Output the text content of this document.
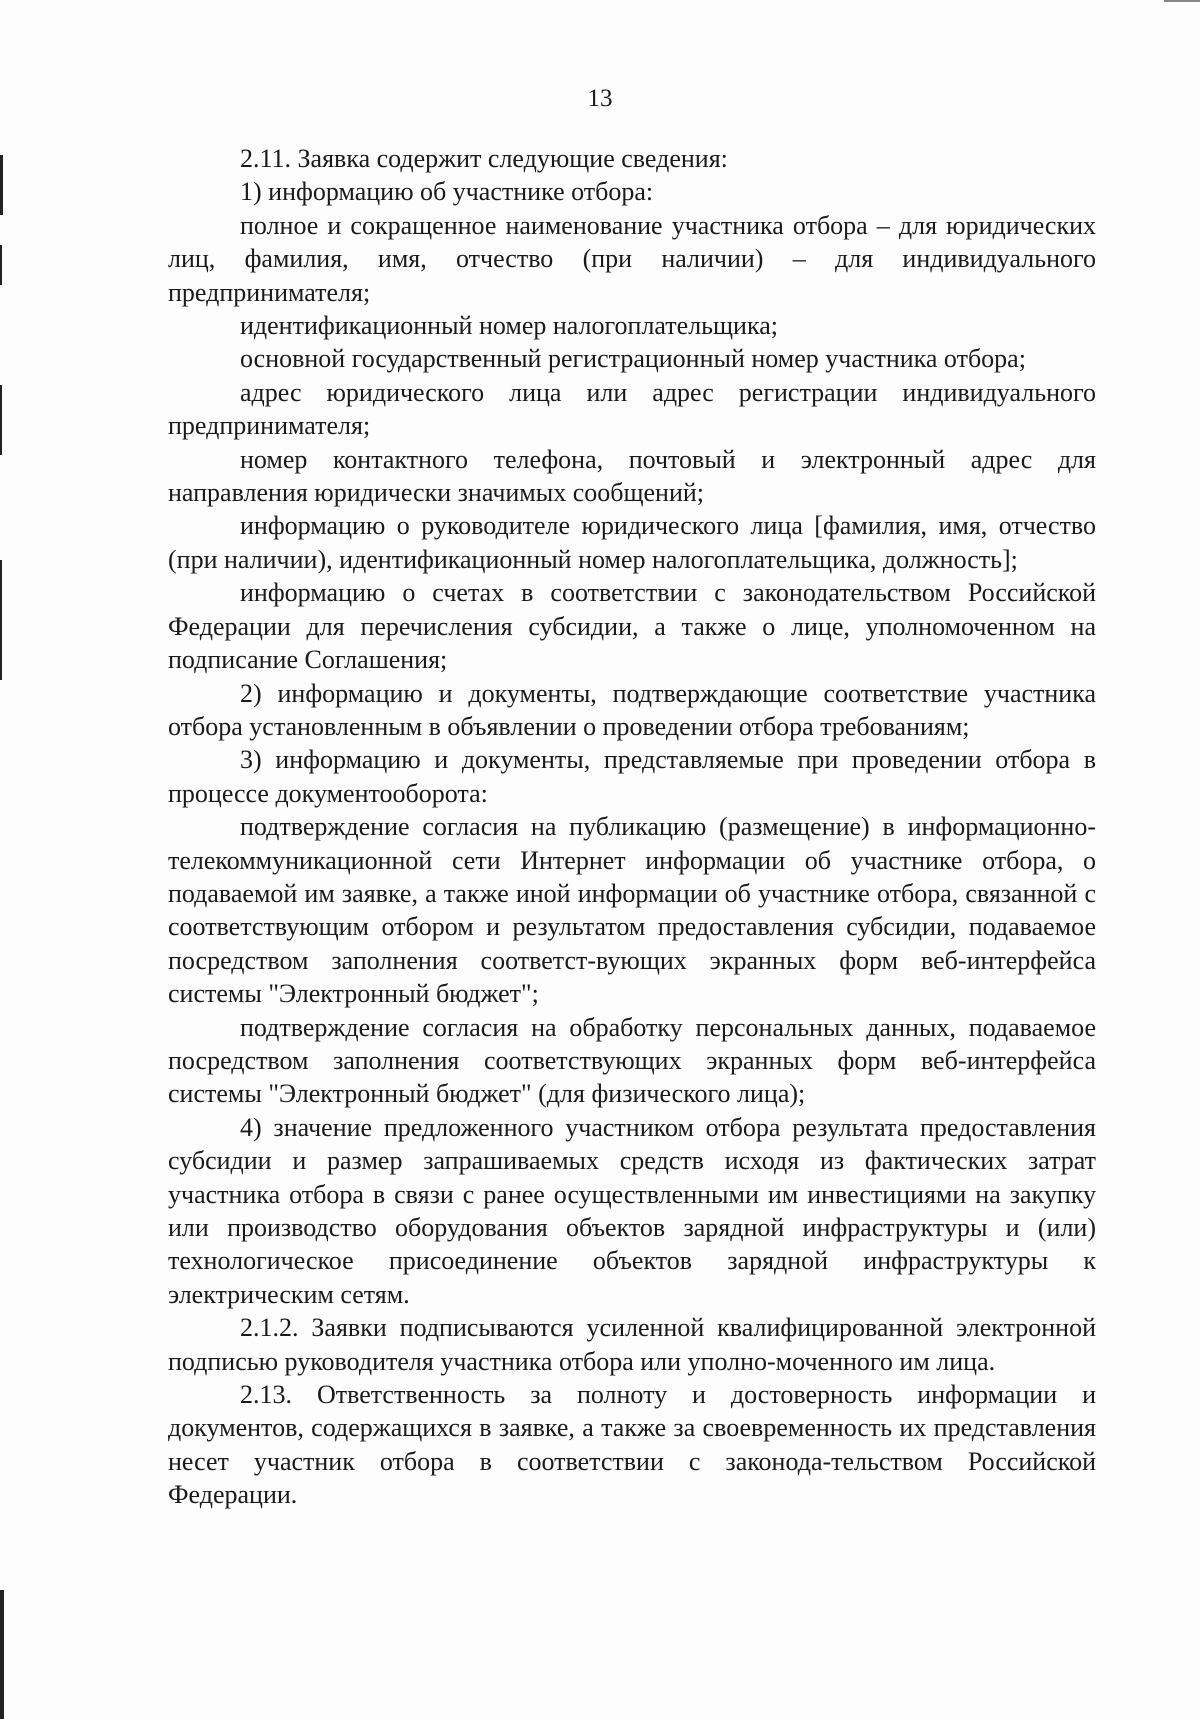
13

2.11. Заявка содержит следующие сведения:

1) информацию об участнике отбора:

полное и сокращенное наименование участника отбора – для юридических лиц, фамилия, имя, отчество (при наличии) – для индивидуального предпринимателя;

идентификационный номер налогоплательщика;

основной государственный регистрационный номер участника отбора;

адрес юридического лица или адрес регистрации индивидуального предпринимателя;

номер контактного телефона, почтовый и электронный адрес для направления юридически значимых сообщений;

информацию о руководителе юридического лица [фамилия, имя, отчество (при наличии), идентификационный номер налогоплательщика, должность];

информацию о счетах в соответствии с законодательством Российской Федерации для перечисления субсидии, а также о лице, уполномоченном на подписание Соглашения;

2) информацию и документы, подтверждающие соответствие участника отбора установленным в объявлении о проведении отбора требованиям;

3) информацию и документы, представляемые при проведении отбора в процессе документооборота:

подтверждение согласия на публикацию (размещение) в информационно-телекоммуникационной сети Интернет информации об участнике отбора, о подаваемой им заявке, а также иной информации об участнике отбора, связанной с соответствующим отбором и результатом предоставления субсидии, подаваемое посредством заполнения соответст-вующих экранных форм веб-интерфейса системы "Электронный бюджет";

подтверждение согласия на обработку персональных данных, подаваемое посредством заполнения соответствующих экранных форм веб-интерфейса системы "Электронный бюджет" (для физического лица);

4) значение предложенного участником отбора результата предоставления субсидии и размер запрашиваемых средств исходя из фактических затрат участника отбора в связи с ранее осуществленными им инвестициями на закупку или производство оборудования объектов зарядной инфраструктуры и (или) технологическое присоединение объектов зарядной инфраструктуры к электрическим сетям.

2.1.2. Заявки подписываются усиленной квалифицированной электронной подписью руководителя участника отбора или уполно-моченного им лица.

2.13. Ответственность за полноту и достоверность информации и документов, содержащихся в заявке, а также за своевременность их представления несет участник отбора в соответствии с законода-тельством Российской Федерации.
